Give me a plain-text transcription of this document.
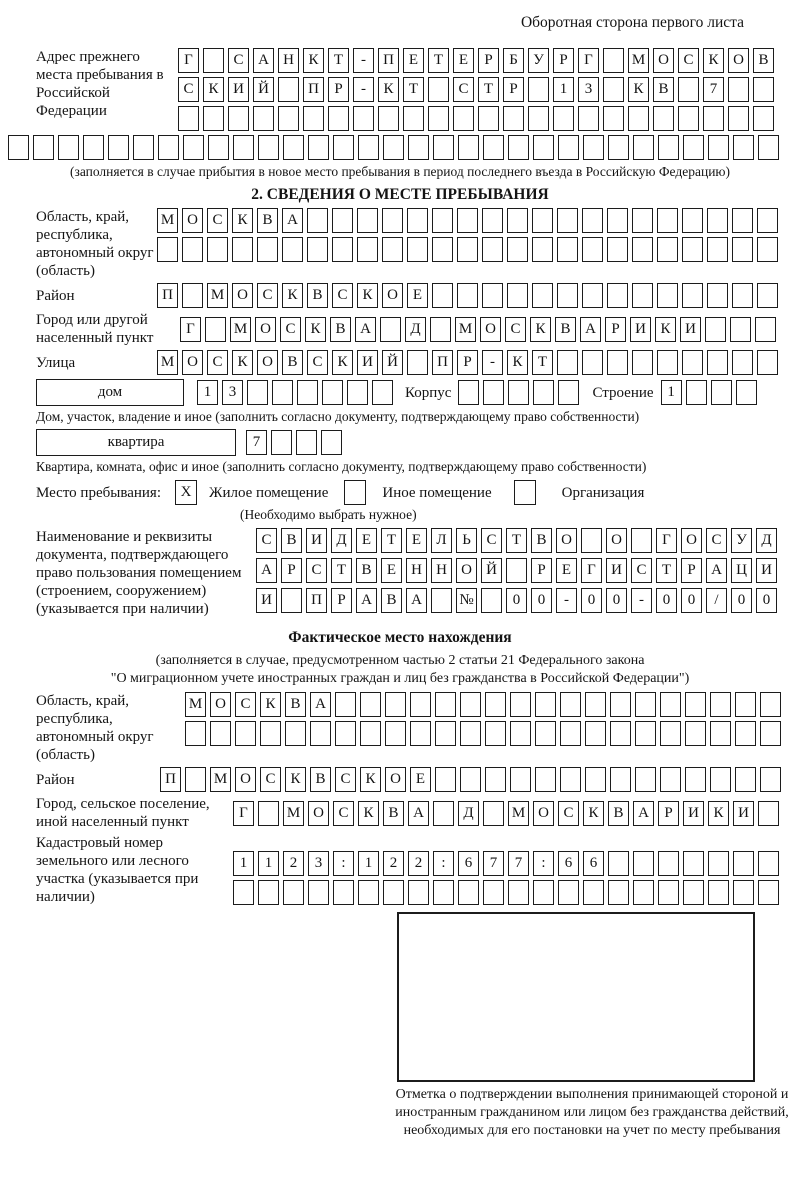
Оборотная сторона первого листа
Адрес прежнего места пребывания в Российской Федерации
Г	С А Н К	Т	-	П Е	Т	Е	Р	Б	У	Р	Г	М О С К О В
С К И Й	П	Р	-	К	Т	С	Т	Р	1	3	К В	7
(заполняется в случае прибытия в новое место пребывания в период последнего въезда в Российскую Федерацию)
2. СВЕДЕНИЯ О МЕСТЕ ПРЕБЫВАНИЯ
Область, край, республика, автономный округ (область)
М О С К В А
Район	П	М О С К В С К О Е
Город или другой населенный пункт
Г	М О С К В А	Д	М О С К В А	Р	И К И
Улица	М О С К О В С К И Й	П	Р	-	К	Т
дом	1	3	Корпус	Строение 1
Дом, участок, владение и иное (заполнить согласно документу, подтверждающему право собственности)
квартира	7
Квартира, комната, офис и иное (заполнить согласно документу, подтверждающему право собственности)
Место пребывания:	X	Жилое помещение	Иное помещение	Организация
(Необходимо выбрать нужное)
Наименование и реквизиты документа, подтверждающего право пользования помещением (строением, сооружением) (указывается при наличии)
С В И Д	Е	Т	Е	Л	Ь	С	Т	В О	О	Г	О С У Д
А	Р	С	Т	В	Е	Н Н О Й	Р	Е	Г	И С	Т	Р	А Ц И
И	П	Р	А В А	№	0	0	-	0	0	-	0	0	/	0	0
Фактическое место нахождения
(заполняется в случае, предусмотренном частью 2 статьи 21 Федерального закона
"О миграционном учете иностранных граждан и лиц без гражданства в Российской Федерации")
Область, край, республика, автономный округ (область)
М О С К В А
Район	П	М О С К В С К О Е
Город, сельское поселение, иной населенный пункт
Г	М О С К В А	Д	М О С К В А	Р	И К И
Кадастровый номер земельного или лесного участка (указывается при наличии)
1	1	2	3	:	1	2	2	:	6	7	7	:	6	6
Отметка о подтверждении выполнения принимающей стороной и иностранным гражданином или лицом без гражданства действий, необходимых для его постановки на учет по месту пребывания
